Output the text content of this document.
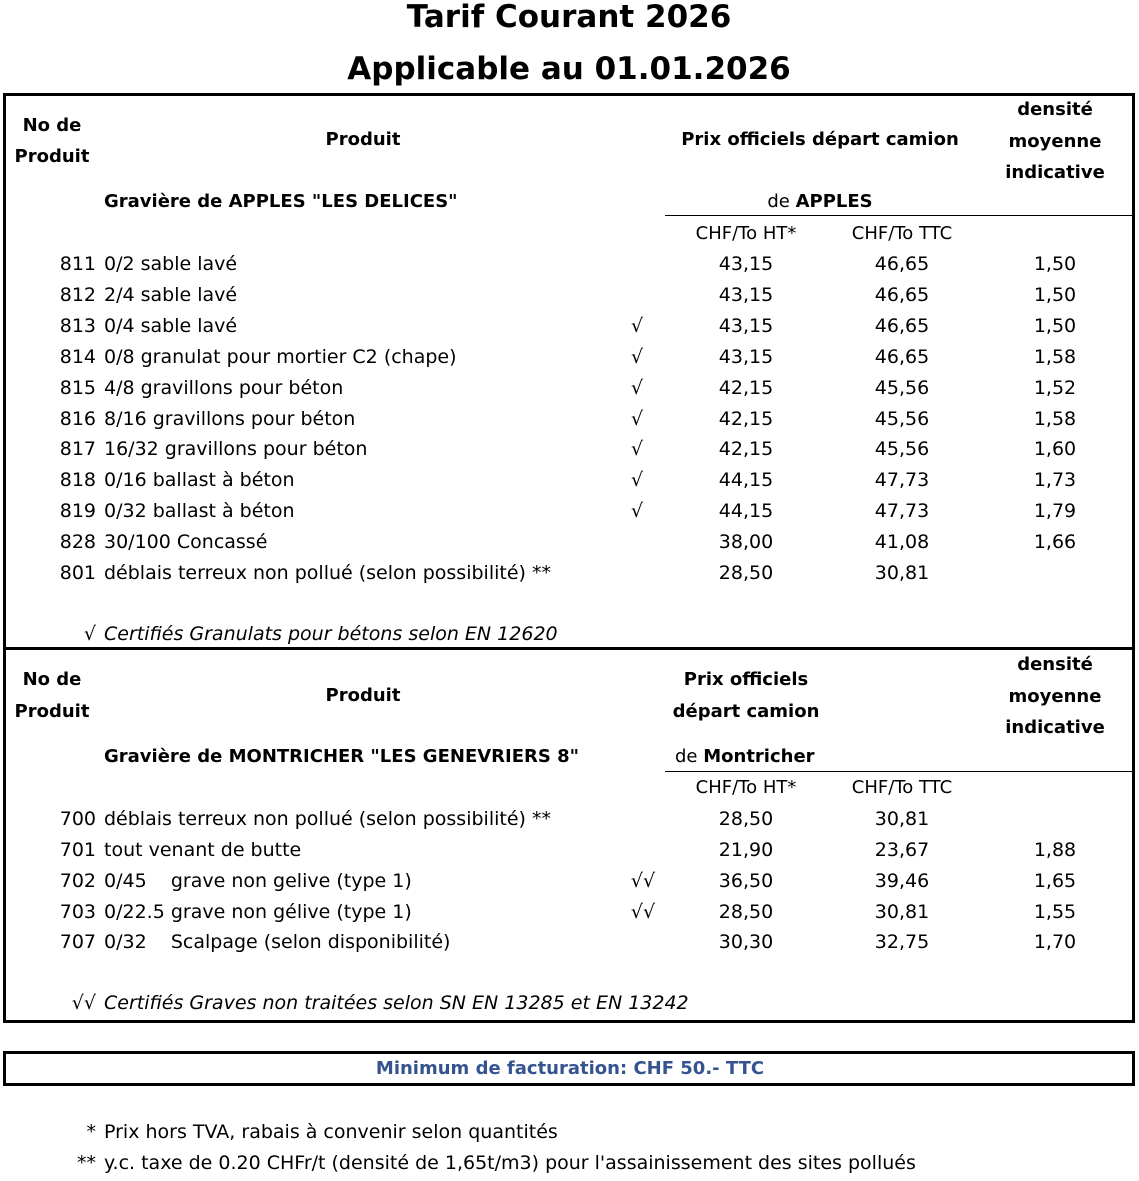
Tarif Courant 2026
Applicable au 01.01.2026
No de
Produit
Produit	Prix officiels départ camion
densité
moyenne
indicative
Gravière de APPLES "LES DELICES"	de APPLES
CHF/To HT*	CHF/To TTC
811 0/2 sable lavé	43,15	46,65	1,50
812 2/4 sable lavé	43,15	46,65	1,50
813 0/4 sable lavé	√	43,15	46,65	1,50
814 0/8 granulat pour mortier C2 (chape)	√	43,15	46,65	1,58
815 4/8 gravillons pour béton	√	42,15	45,56	1,52
816 8/16 gravillons pour béton	√	42,15	45,56	1,58
817 16/32 gravillons pour béton	√	42,15	45,56	1,60
818 0/16 ballast à béton	√	44,15	47,73	1,73
819 0/32 ballast à béton	√	44,15	47,73	1,79
828 30/100 Concassé	38,00	41,08	1,66
801 déblais terreux non pollué (selon possibilité) **	28,50	30,81
√ Certifiés Granulats pour bétons selon EN 12620
No de
Produit
Produit
Prix officiels
départ camion
densité
moyenne
indicative
Gravière de MONTRICHER "LES GENEVRIERS 8"	de Montricher
CHF/To HT*	CHF/To TTC
700 déblais terreux non pollué (selon possibilité) **	28,50	30,81
701 tout venant de butte	21,90	23,67	1,88
702 0/45    grave non gelive (type 1)	√√	36,50	39,46	1,65
703 0/22.5 grave non gélive (type 1)	√√	28,50	30,81	1,55
707 0/32    Scalpage (selon disponibilité)	30,30	32,75	1,70
√√ Certifiés Graves non traitées selon SN EN 13285 et EN 13242
Minimum de facturation: CHF 50.- TTC
* Prix hors TVA, rabais à convenir selon quantités
** y.c. taxe de 0.20 CHFr/t (densité de 1,65t/m3) pour l'assainissement des sites pollués
